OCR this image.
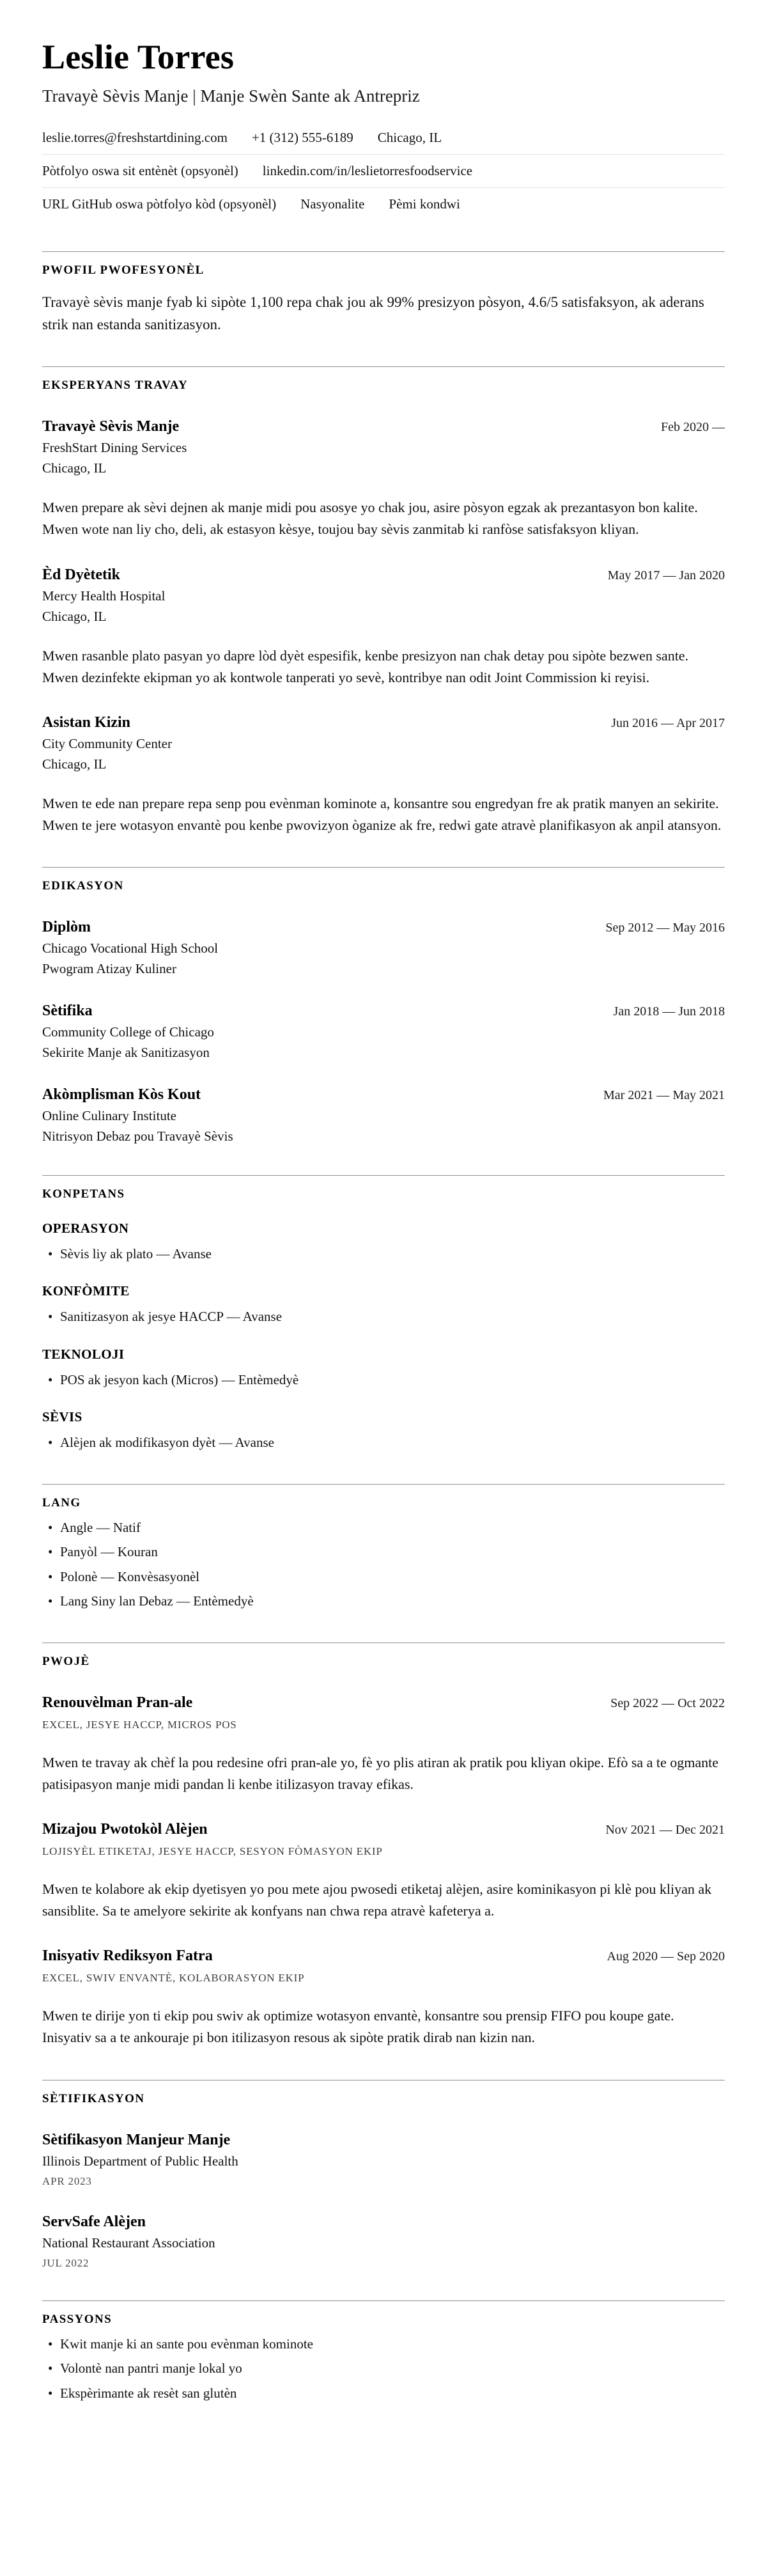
Leslie Torres
Travayè Sèvis Manje | Manje Swèn Sante ak Antrepriz
leslie.torres@freshstartdining.com +1 (312) 555-6189 Chicago, IL
Pòtfolyo oswa sit entènèt (opsyonèl) linkedin.com/in/leslietorresfoodservice
URL GitHub oswa pòtfolyo kòd (opsyonèl) Nasyonalite Pèmi kondwi
PWOFIL PWOFESYONÈL

Travayè sèvis manje fyab ki sipòte 1,100 repa chak jou ak 99% presizyon pòsyon, 4.6/5 satisfaksyon, ak aderans strik nan estanda sanitizasyon.

EKSPERYANS TRAVAY
Travayè Sèvis Manje	Feb 2020 —
FreshStart Dining Services
Chicago, IL

Mwen prepare ak sèvi dejnen ak manje midi pou asosye yo chak jou, asire pòsyon egzak ak prezantasyon bon kalite. Mwen wote nan liy cho, deli, ak estasyon kèsye, toujou bay sèvis zanmitab ki ranfòse satisfaksyon kliyan.

Èd Dyètetik	May 2017 — Jan 2020
Mercy Health Hospital
Chicago, IL

Mwen rasanble plato pasyan yo dapre lòd dyèt espesifik, kenbe presizyon nan chak detay pou sipòte bezwen sante. Mwen dezinfekte ekipman yo ak kontwole tanperati yo sevè, kontribye nan odit Joint Commission ki reyisi.

Asistan Kizin	Jun 2016 — Apr 2017
City Community Center
Chicago, IL

Mwen te ede nan prepare repa senp pou evènman kominote a, konsantre sou engredyan fre ak pratik manyen an sekirite. Mwen te jere wotasyon envantè pou kenbe pwovizyon òganize ak fre, redwi gate atravè planifikasyon ak anpil atansyon.

EDIKASYON
Diplòm	Sep 2012 — May 2016
Chicago Vocational High School
Pwogram Atizay Kuliner
Sètifika	Jan 2018 — Jun 2018
Community College of Chicago
Sekirite Manje ak Sanitizasyon
Akòmplisman Kòs Kout	Mar 2021 — May 2021
Online Culinary Institute
Nitrisyon Debaz pou Travayè Sèvis
KONPETANS
OPERASYON
• Sèvis liy ak plato — Avanse
KONFÒMITE
• Sanitizasyon ak jesye HACCP — Avanse
TEKNOLOJI
• POS ak jesyon kach (Micros) — Entèmedyè
SÈVIS
• Alèjen ak modifikasyon dyèt — Avanse
LANG
• Angle — Natif
• Panyòl — Kouran
• Polonè — Konvèsasyonèl
• Lang Siny lan Debaz — Entèmedyè
PWOJÈ
Renouvèlman Pran-ale	Sep 2022 — Oct 2022
EXCEL, JESYE HACCP, MICROS POS

Mwen te travay ak chèf la pou redesine ofri pran-ale yo, fè yo plis atiran ak pratik pou kliyan okipe. Efò sa a te ogmante patisipasyon manje midi pandan li kenbe itilizasyon travay efikas.

Mizajou Pwotokòl Alèjen	Nov 2021 — Dec 2021
LOJISYÈL ETIKETAJ, JESYE HACCP, SESYON FÒMASYON EKIP

Mwen te kolabore ak ekip dyetisyen yo pou mete ajou pwosedi etiketaj alèjen, asire kominikasyon pi klè pou kliyan ak sansiblite. Sa te amelyore sekirite ak konfyans nan chwa repa atravè kafeterya a.

Inisyativ Rediksyon Fatra	Aug 2020 — Sep 2020
EXCEL, SWIV ENVANTÈ, KOLABORASYON EKIP

Mwen te dirije yon ti ekip pou swiv ak optimize wotasyon envantè, konsantre sou prensip FIFO pou koupe gate. Inisyativ sa a te ankouraje pi bon itilizasyon resous ak sipòte pratik dirab nan kizin nan.

SÈTIFIKASYON
Sètifikasyon Manjeur Manje
Illinois Department of Public Health
APR 2023
ServSafe Alèjen
National Restaurant Association
JUL 2022
PASSYONS
• Kwit manje ki an sante pou evènman kominote
• Volontè nan pantri manje lokal yo
• Ekspèrimante ak resèt san glutèn
